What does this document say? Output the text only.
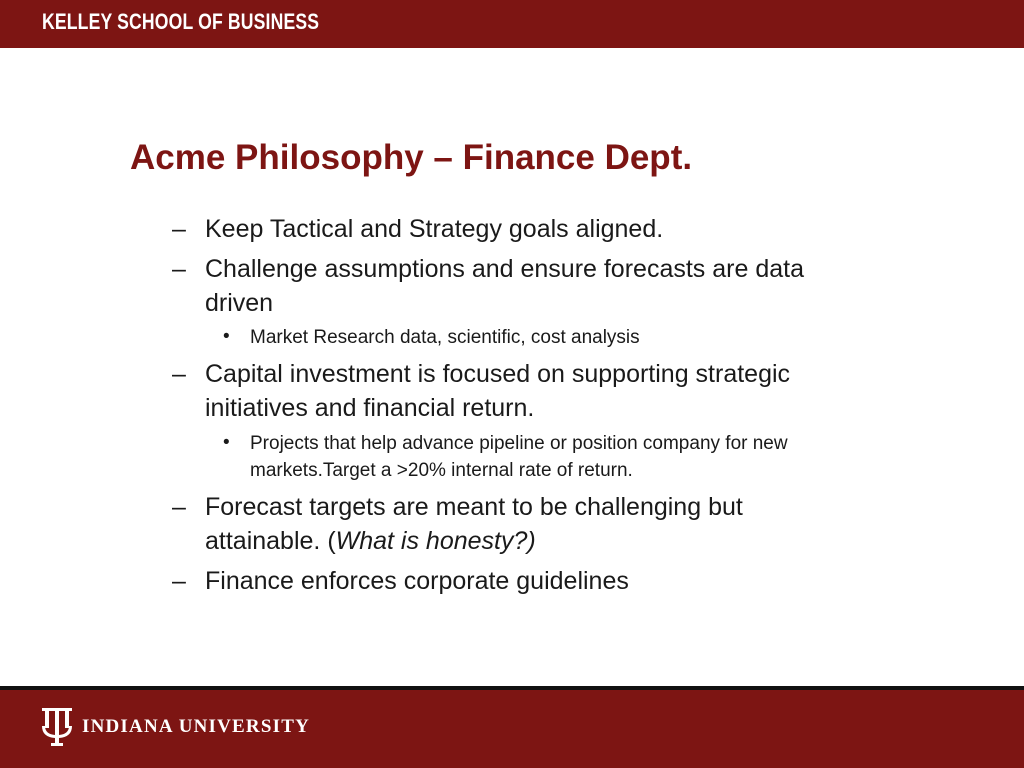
KELLEY SCHOOL OF BUSINESS
Acme Philosophy – Finance Dept.
– Keep Tactical and Strategy goals aligned.
– Challenge assumptions and ensure forecasts are data
driven
• Market Research data, scientific, cost analysis
– Capital investment is focused on supporting strategic
initiatives and financial return.
• Projects that help advance pipeline or position company for new
markets.Target a >20% internal rate of return.
– Forecast targets are meant to be challenging but
attainable. (What is honesty?)
– Finance enforces corporate guidelines
INDIANA UNIVERSITY
